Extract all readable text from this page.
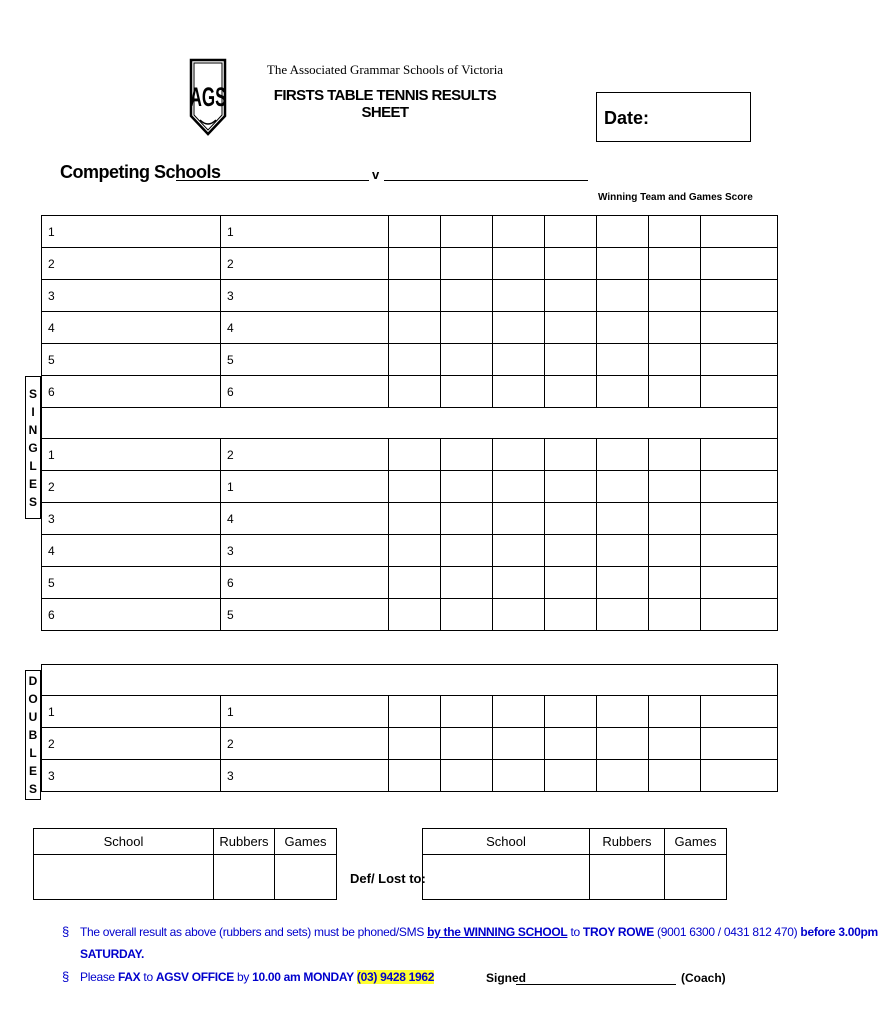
AGS
The Associated Grammar Schools of Victoria
FIRSTS TABLE TENNIS RESULTS SHEET	Date:
Competing Schools	v
Winning Team and Games Score
1	1							
2	2							
3	3							
4	4							
5	5							
6	6							

1	2							
2	1							
3	4							
4	3							
5	6							
6	5							
S
I
N
G
L
E
S

1	1							
2	2							
3	3							
D
O
U
B
L
E
S
School	Rubbers	Games

Def/ Lost to:
School	Rubbers	Games

§ The overall result as above (rubbers and sets) must be phoned/SMS by the WINNING SCHOOL to TROY ROWE (9001 6300 / 0431 812 470) before 3.00pm
SATURDAY.
§ Please FAX to AGSV OFFICE by 10.00 am MONDAY (03) 9428 1962	Signed	(Coach)
